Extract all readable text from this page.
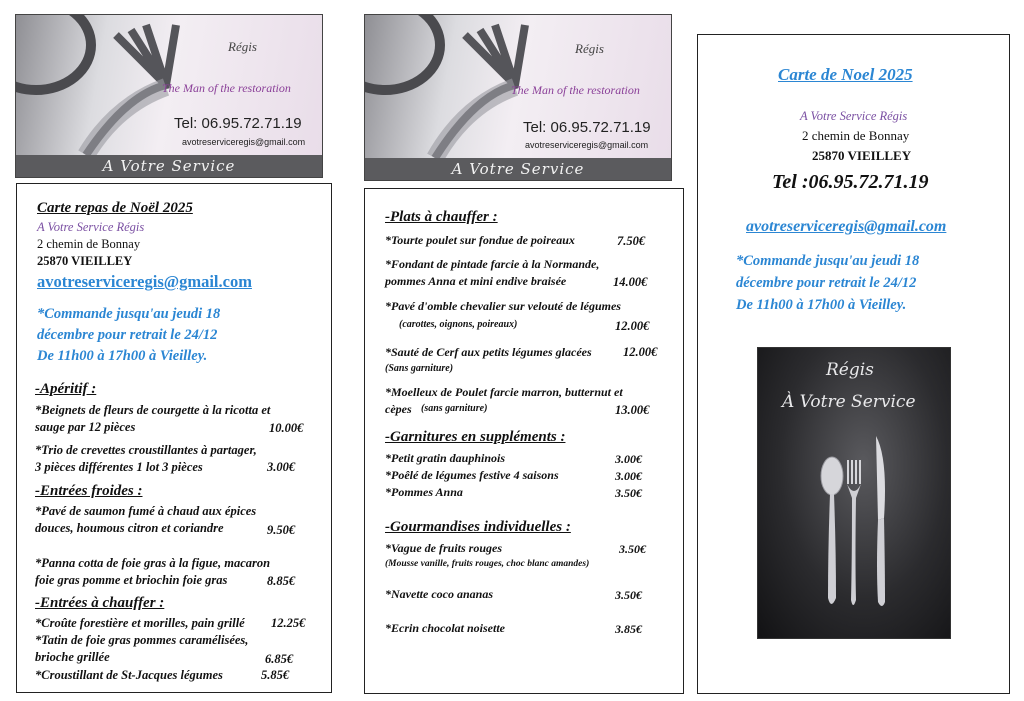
Régis
The Man of the restoration
Tel: 06.95.72.71.19
avotreserviceregis@gmail.com
A Votre Service
Régis
The Man of the restoration
Tel: 06.95.72.71.19
avotreserviceregis@gmail.com
A Votre Service
Carte repas de Noël 2025
A Votre Service Régis
2 chemin de Bonnay
25870 VIEILLEY
avotreserviceregis@gmail.com
*Commande jusqu'au jeudi 18
décembre pour retrait le 24/12
De 11h00 à 17h00 à Vieilley.
-Apéritif :
*Beignets de fleurs de courgette à la ricotta et
sauge par 12 pièces	10.00€
*Trio de crevettes croustillantes à partager,
3 pièces différentes 1 lot 3 pièces	3.00€
-Entrées froides :
*Pavé de saumon fumé à chaud aux épices
douces, houmous citron et coriandre	9.50€
*Panna cotta de foie gras à la figue, macaron
foie gras pomme et briochin foie gras	8.85€
-Entrées à chauffer :
*Croûte forestière et morilles, pain grillé 12.25€
*Tatin de foie gras pommes caramélisées,
brioche grillée	6.85€
*Croustillant de St-Jacques légumes	5.85€
-Plats à chauffer :
*Tourte poulet sur fondue de poireaux	7.50€
*Fondant de pintade farcie à la Normande,
pommes Anna et mini endive braisée	14.00€
*Pavé d'omble chevalier sur velouté de légumes
(carottes, oignons, poireaux)	12.00€
*Sauté de Cerf aux petits légumes glacées	12.00€
(Sans garniture)
*Moelleux de Poulet farcie marron, butternut et
cèpes (sans garniture)	13.00€
-Garnitures en suppléments :
*Petit gratin dauphinois	3.00€
*Poêlé de légumes festive 4 saisons	3.00€
*Pommes Anna	3.50€
-Gourmandises individuelles :
*Vague de fruits rouges	3.50€
(Mousse vanille, fruits rouges, choc blanc amandes)
*Navette coco ananas	3.50€
*Ecrin chocolat noisette	3.85€
Carte de Noel 2025
A Votre Service Régis
2 chemin de Bonnay
25870 VIEILLEY
Tel :06.95.72.71.19
avotreserviceregis@gmail.com
*Commande jusqu'au jeudi 18
décembre pour retrait le 24/12
De 11h00 à 17h00 à Vieilley.
Régis
À Votre Service
